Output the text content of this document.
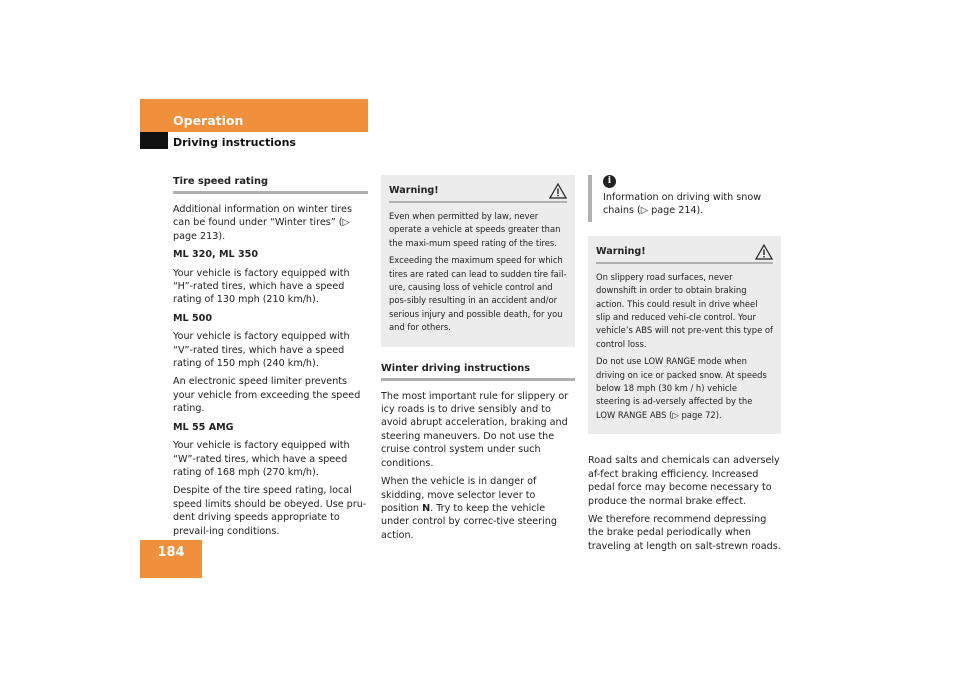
Operation
Driving instructions
184
Tire speed rating
Additional information on winter tires can be found under “Winter tires” (▷ page 213).
ML 320, ML 350
Your vehicle is factory equipped with “H”-rated tires, which have a speed rating of 130 mph (210 km/h).
ML 500
Your vehicle is factory equipped with “V”-rated tires, which have a speed rating of 150 mph (240 km/h).
An electronic speed limiter prevents your vehicle from exceeding the speed rating.
ML 55 AMG
Your vehicle is factory equipped with “W”-rated tires, which have a speed rating of 168 mph (270 km/h).
Despite of the tire speed rating, local speed limits should be obeyed. Use pru-dent driving speeds appropriate to prevail-ing conditions.
Warning!
Even when permitted by law, never operate a vehicle at speeds greater than the maxi-mum speed rating of the tires.
Exceeding the maximum speed for which tires are rated can lead to sudden tire fail-ure, causing loss of vehicle control and pos-sibly resulting in an accident and/or serious injury and possible death, for you and for others.
Winter driving instructions
The most important rule for slippery or icy roads is to drive sensibly and to avoid abrupt acceleration, braking and steering maneuvers. Do not use the cruise control system under such conditions.
When the vehicle is in danger of skidding, move selector lever to position N. Try to keep the vehicle under control by correc-tive steering action.
i
Information on driving with snow chains (▷ page 214).
Warning!
On slippery road surfaces, never downshift in order to obtain braking action. This could result in drive wheel slip and reduced vehi-cle control. Your vehicle’s ABS will not pre-vent this type of control loss.
Do not use LOW RANGE mode when driving on ice or packed snow. At speeds below 18 mph (30 km / h) vehicle steering is ad-versely affected by the LOW RANGE ABS (▷ page 72).
Road salts and chemicals can adversely af-fect braking efficiency. Increased pedal force may become necessary to produce the normal brake effect.
We therefore recommend depressing the brake pedal periodically when traveling at length on salt-strewn roads.
